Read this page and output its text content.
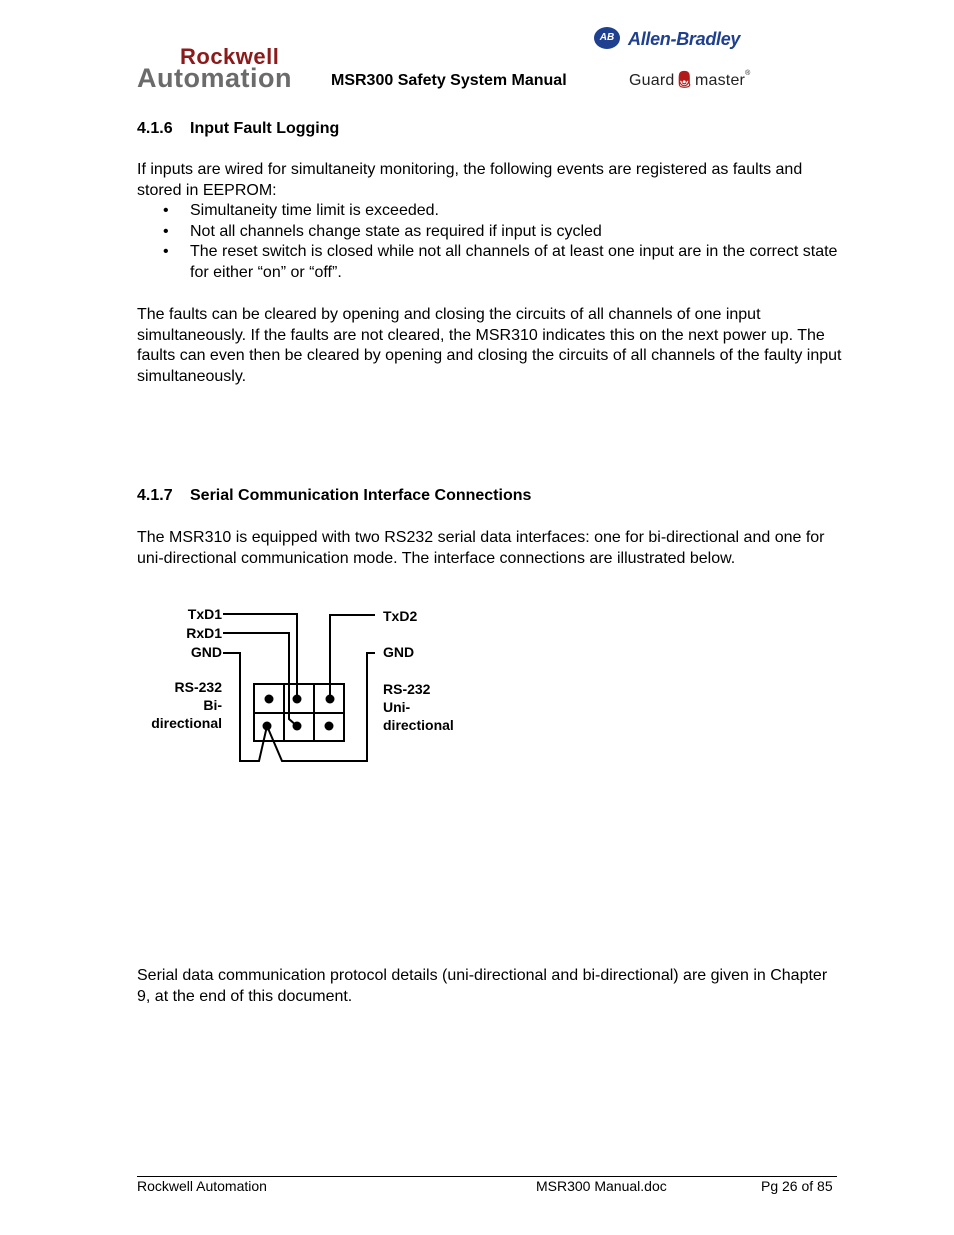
Rockwell
Automation MSR300 Safety System Manual
AB Allen-Bradley
Guard💂︎master®
4.1.6 Input Fault Logging
If inputs are wired for simultaneity monitoring, the following events are registered as faults and stored in EEPROM:
• Simultaneity time limit is exceeded.
• Not all channels change state as required if input is cycled
• The reset switch is closed while not all channels of at least one input are in the correct state for either “on” or “off”.
The faults can be cleared by opening and closing the circuits of all channels of one input simultaneously. If the faults are not cleared, the MSR310 indicates this on the next power up. The faults can even then be cleared by opening and closing the circuits of all channels of the faulty input simultaneously.
4.1.7 Serial Communication Interface Connections
The MSR310 is equipped with two RS232 serial data interfaces: one for bi-directional and one for uni-directional communication mode. The interface connections are illustrated below.
TxD1
RxD1
GND
RS-232
Bi-
directional
TxD2
GND
RS-232
Uni-
directional
Serial data communication protocol details (uni-directional and bi-directional) are given in Chapter 9, at the end of this document.
Rockwell Automation	MSR300 Manual.doc	Pg 26 of 85
